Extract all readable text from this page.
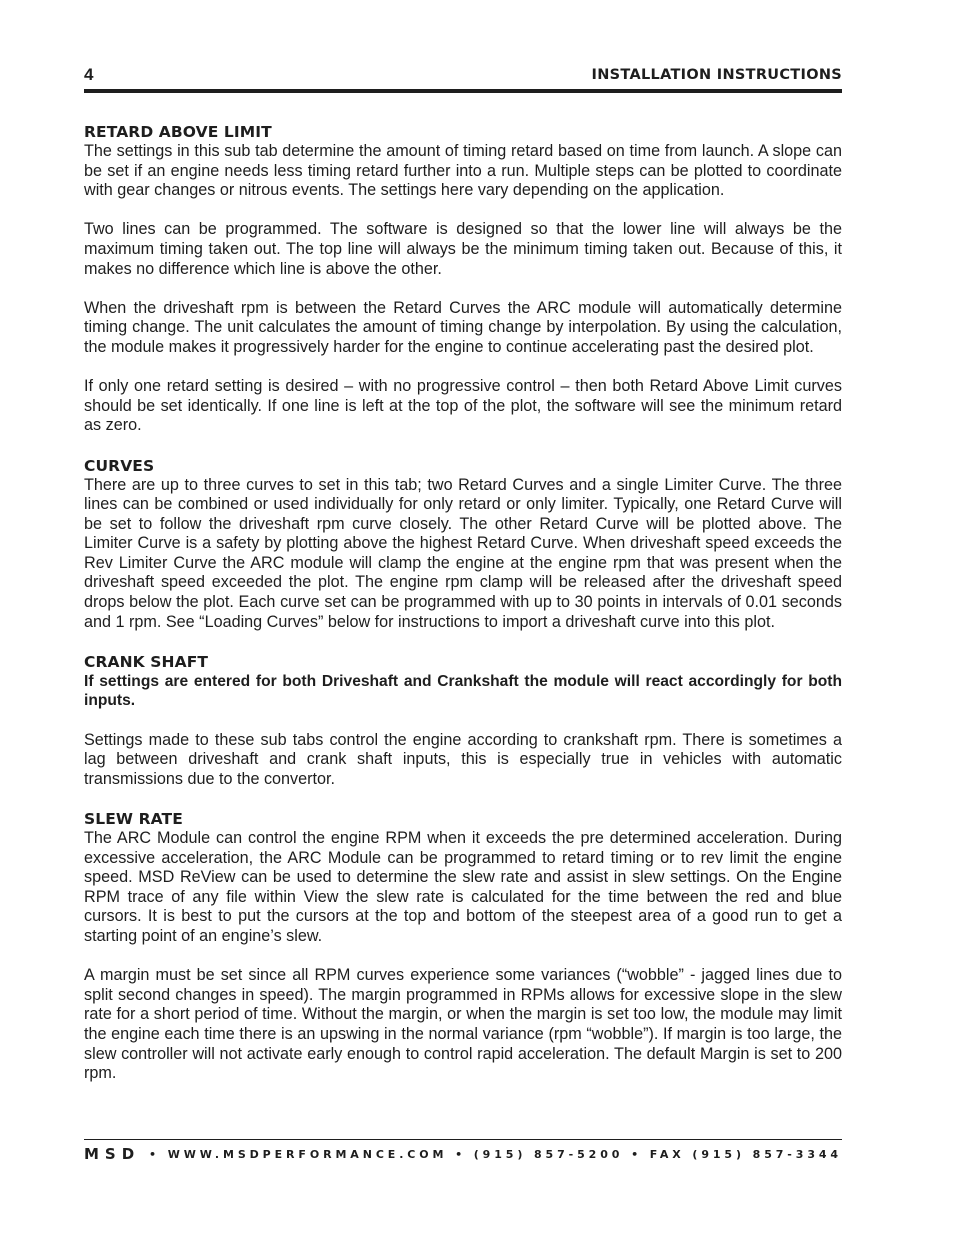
4	INSTALLATION INSTRUCTIONS
RETARD ABOVE LIMIT

The settings in this sub tab determine the amount of timing retard based on time from launch. A slope can be set if an engine needs less timing retard further into a run. Multiple steps can be plotted to coordinate with gear changes or nitrous events. The settings here vary depending on the application.

Two lines can be programmed. The software is designed so that the lower line will always be the maximum timing taken out. The top line will always be the minimum timing taken out. Because of this, it makes no difference which line is above the other.

When the driveshaft rpm is between the Retard Curves the ARC module will automatically determine timing change. The unit calculates the amount of timing change by interpolation. By using the calculation, the module makes it progressively harder for the engine to continue accelerating past the desired plot.

If only one retard setting is desired – with no progressive control – then both Retard Above Limit curves should be set identically. If one line is left at the top of the plot, the software will see the minimum retard as zero.

CURVES

There are up to three curves to set in this tab; two Retard Curves and a single Limiter Curve. The three lines can be combined or used individually for only retard or only limiter. Typically, one Retard Curve will be set to follow the driveshaft rpm curve closely. The other Retard Curve will be plotted above. The Limiter Curve is a safety by plotting above the highest Retard Curve. When driveshaft speed exceeds the Rev Limiter Curve the ARC module will clamp the engine at the engine rpm that was present when the driveshaft speed exceeded the plot. The engine rpm clamp will be released after the driveshaft speed drops below the plot. Each curve set can be programmed with up to 30 points in intervals of 0.01 seconds and 1 rpm. See “Loading Curves” below for instructions to import a driveshaft curve into this plot.

CRANK SHAFT

If settings are entered for both Driveshaft and Crankshaft the module will react accordingly for both inputs.

Settings made to these sub tabs control the engine according to crankshaft rpm. There is sometimes a lag between driveshaft and crank shaft inputs, this is especially true in vehicles with automatic transmissions due to the convertor.

SLEW RATE

The ARC Module can control the engine RPM when it exceeds the pre determined acceleration. During excessive acceleration, the ARC Module can be programmed to retard timing or to rev limit the engine speed. MSD ReView can be used to determine the slew rate and assist in slew settings. On the Engine RPM trace of any file within View the slew rate is calculated for the time between the red and blue cursors. It is best to put the cursors at the top and bottom of the steepest area of a good run to get a starting point of an engine’s slew.

A margin must be set since all RPM curves experience some variances (“wobble” - jagged lines due to split second changes in speed). The margin programmed in RPMs allows for excessive slope in the slew rate for a short period of time. Without the margin, or when the margin is set too low, the module may limit the engine each time there is an upswing in the normal variance (rpm “wobble”). If margin is too large, the slew controller will not activate early enough to control rapid acceleration. The default Margin is set to 200 rpm.

MSD • WWW.MSDPERFORMANCE.COM • (915) 857-5200 • FAX (915) 857-3344
